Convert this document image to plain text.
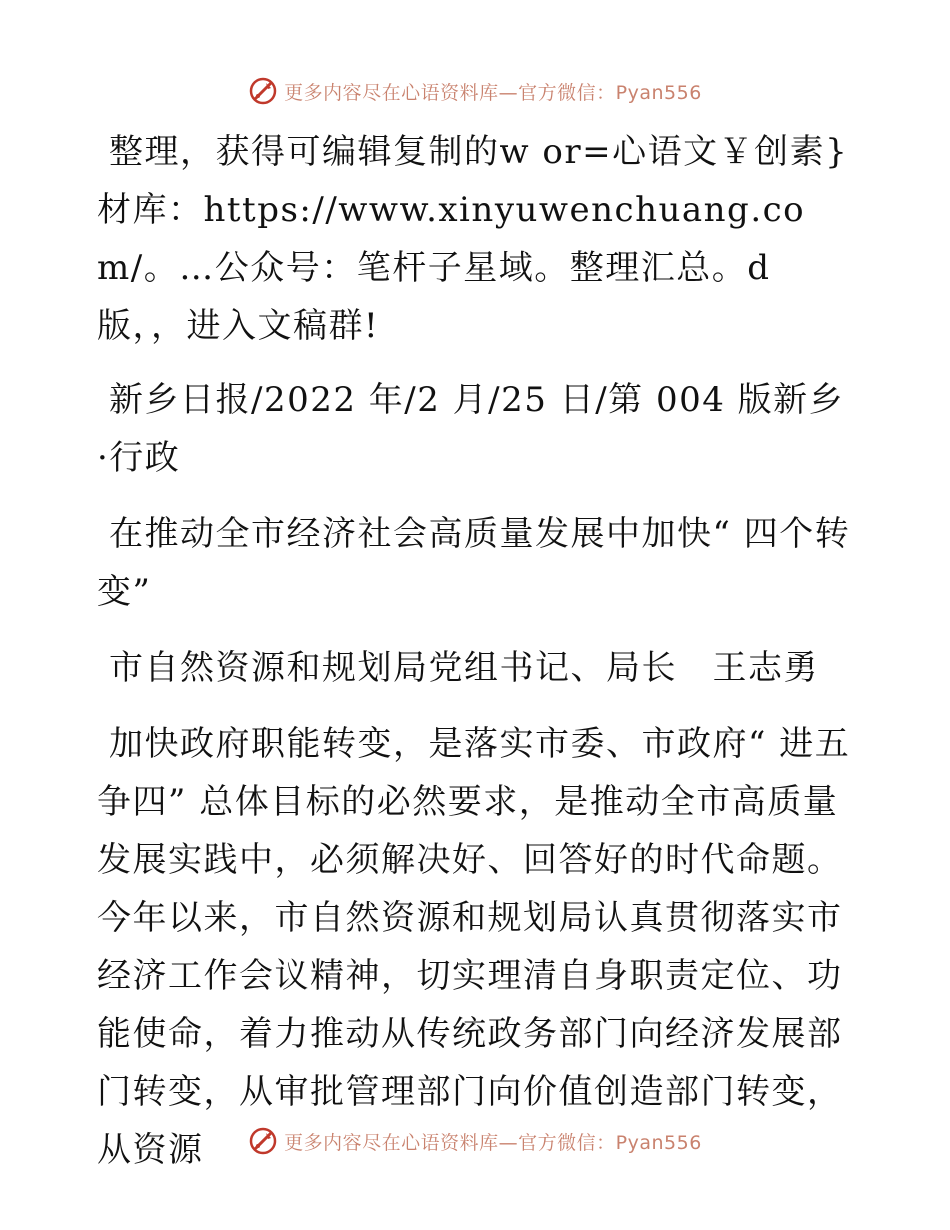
更多内容尽在心语资料库—官方微信：Pyan556

整理，获得可编辑复制的w or=心语文￥创素}材库：https://www.xinyuwenchuang.com/。…公众号：笔杆子星域。整理汇总。d版，，进入文稿群!

新乡日报/2022 年/2 月/25 日/第 004 版新乡·行政

在推动全市经济社会高质量发展中加快“ 四个转变”

市自然资源和规划局党组书记、局长　王志勇

加快政府职能转变，是落实市委、市政府“ 进五争四” 总体目标的必然要求，是推动全市高质量发展实践中，必须解决好、回答好的时代命题。今年以来，市自然资源和规划局认真贯彻落实市经济工作会议精神，切实理清自身职责定位、功能使命，着力推动从传统政务部门向经济发展部门转变，从审批管理部门向价值创造部门转变，从资源	更多内容尽在心语资料库—官方微信：Pyan556
